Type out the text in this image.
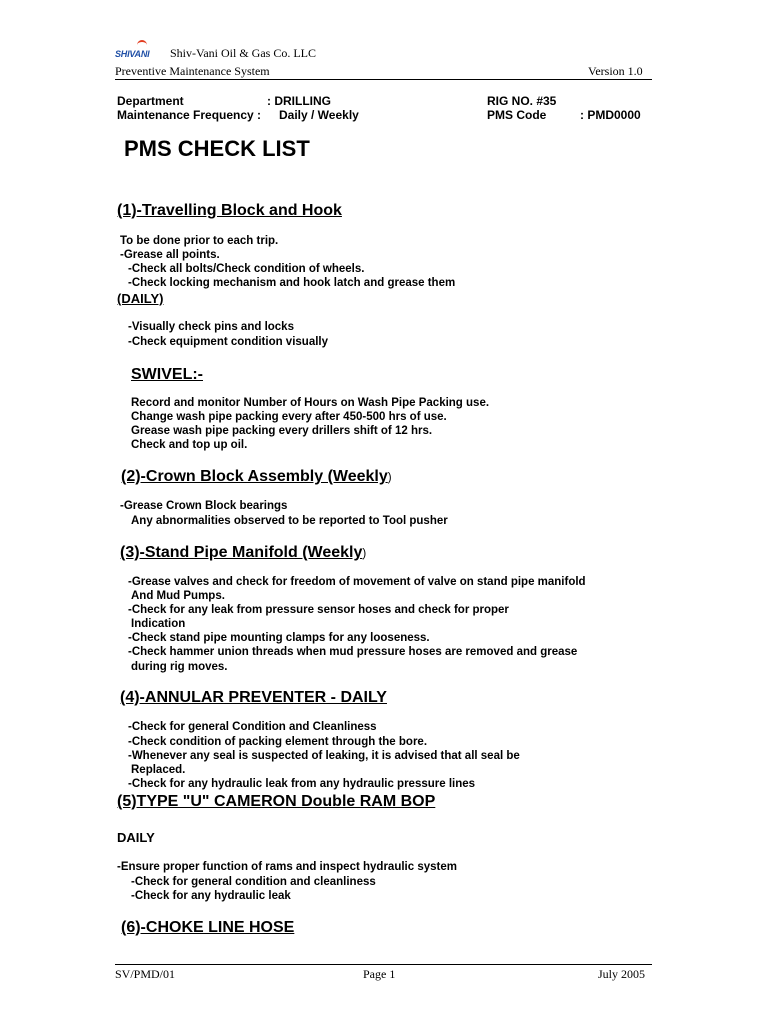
SHIVANI Shiv-Vani Oil & Gas Co. LLC
Preventive Maintenance System	Version 1.0
Department	: DRILLING
Maintenance Frequency : Daily / Weekly
RIG NO. #35
PMS Code	: PMD0000
PMS CHECK LIST
(1)-Travelling Block and Hook
To be done prior to each trip.
-Grease all points.
-Check all bolts/Check condition of wheels.
-Check locking mechanism and hook latch and grease them
(DAILY)
-Visually check pins and locks
-Check equipment condition visually
SWIVEL:-
Record and monitor Number of Hours on Wash Pipe Packing use.
Change wash pipe packing every after 450-500 hrs of use.
Grease wash pipe packing every drillers shift of 12 hrs.
Check and top up oil.
(2)-Crown Block Assembly (Weekly)
-Grease Crown Block bearings
Any abnormalities observed to be reported to Tool pusher
(3)-Stand Pipe Manifold (Weekly)
-Grease valves and check for freedom of movement of valve on stand pipe manifold
And Mud Pumps.
-Check for any leak from pressure sensor hoses and check for proper
Indication
-Check stand pipe mounting clamps for any looseness.
-Check hammer union threads when mud pressure hoses are removed and grease
during rig moves.
(4)-ANNULAR PREVENTER - DAILY
-Check for general Condition and Cleanliness
-Check condition of packing element through the bore.
-Whenever any seal is suspected of leaking, it is advised that all seal be
Replaced.
-Check for any hydraulic leak from any hydraulic pressure lines
(5)TYPE "U" CAMERON Double RAM BOP
DAILY
-Ensure proper function of rams and inspect hydraulic system
-Check for general condition and cleanliness
-Check for any hydraulic leak
(6)-CHOKE LINE HOSE
SV/PMD/01	Page 1	July 2005
